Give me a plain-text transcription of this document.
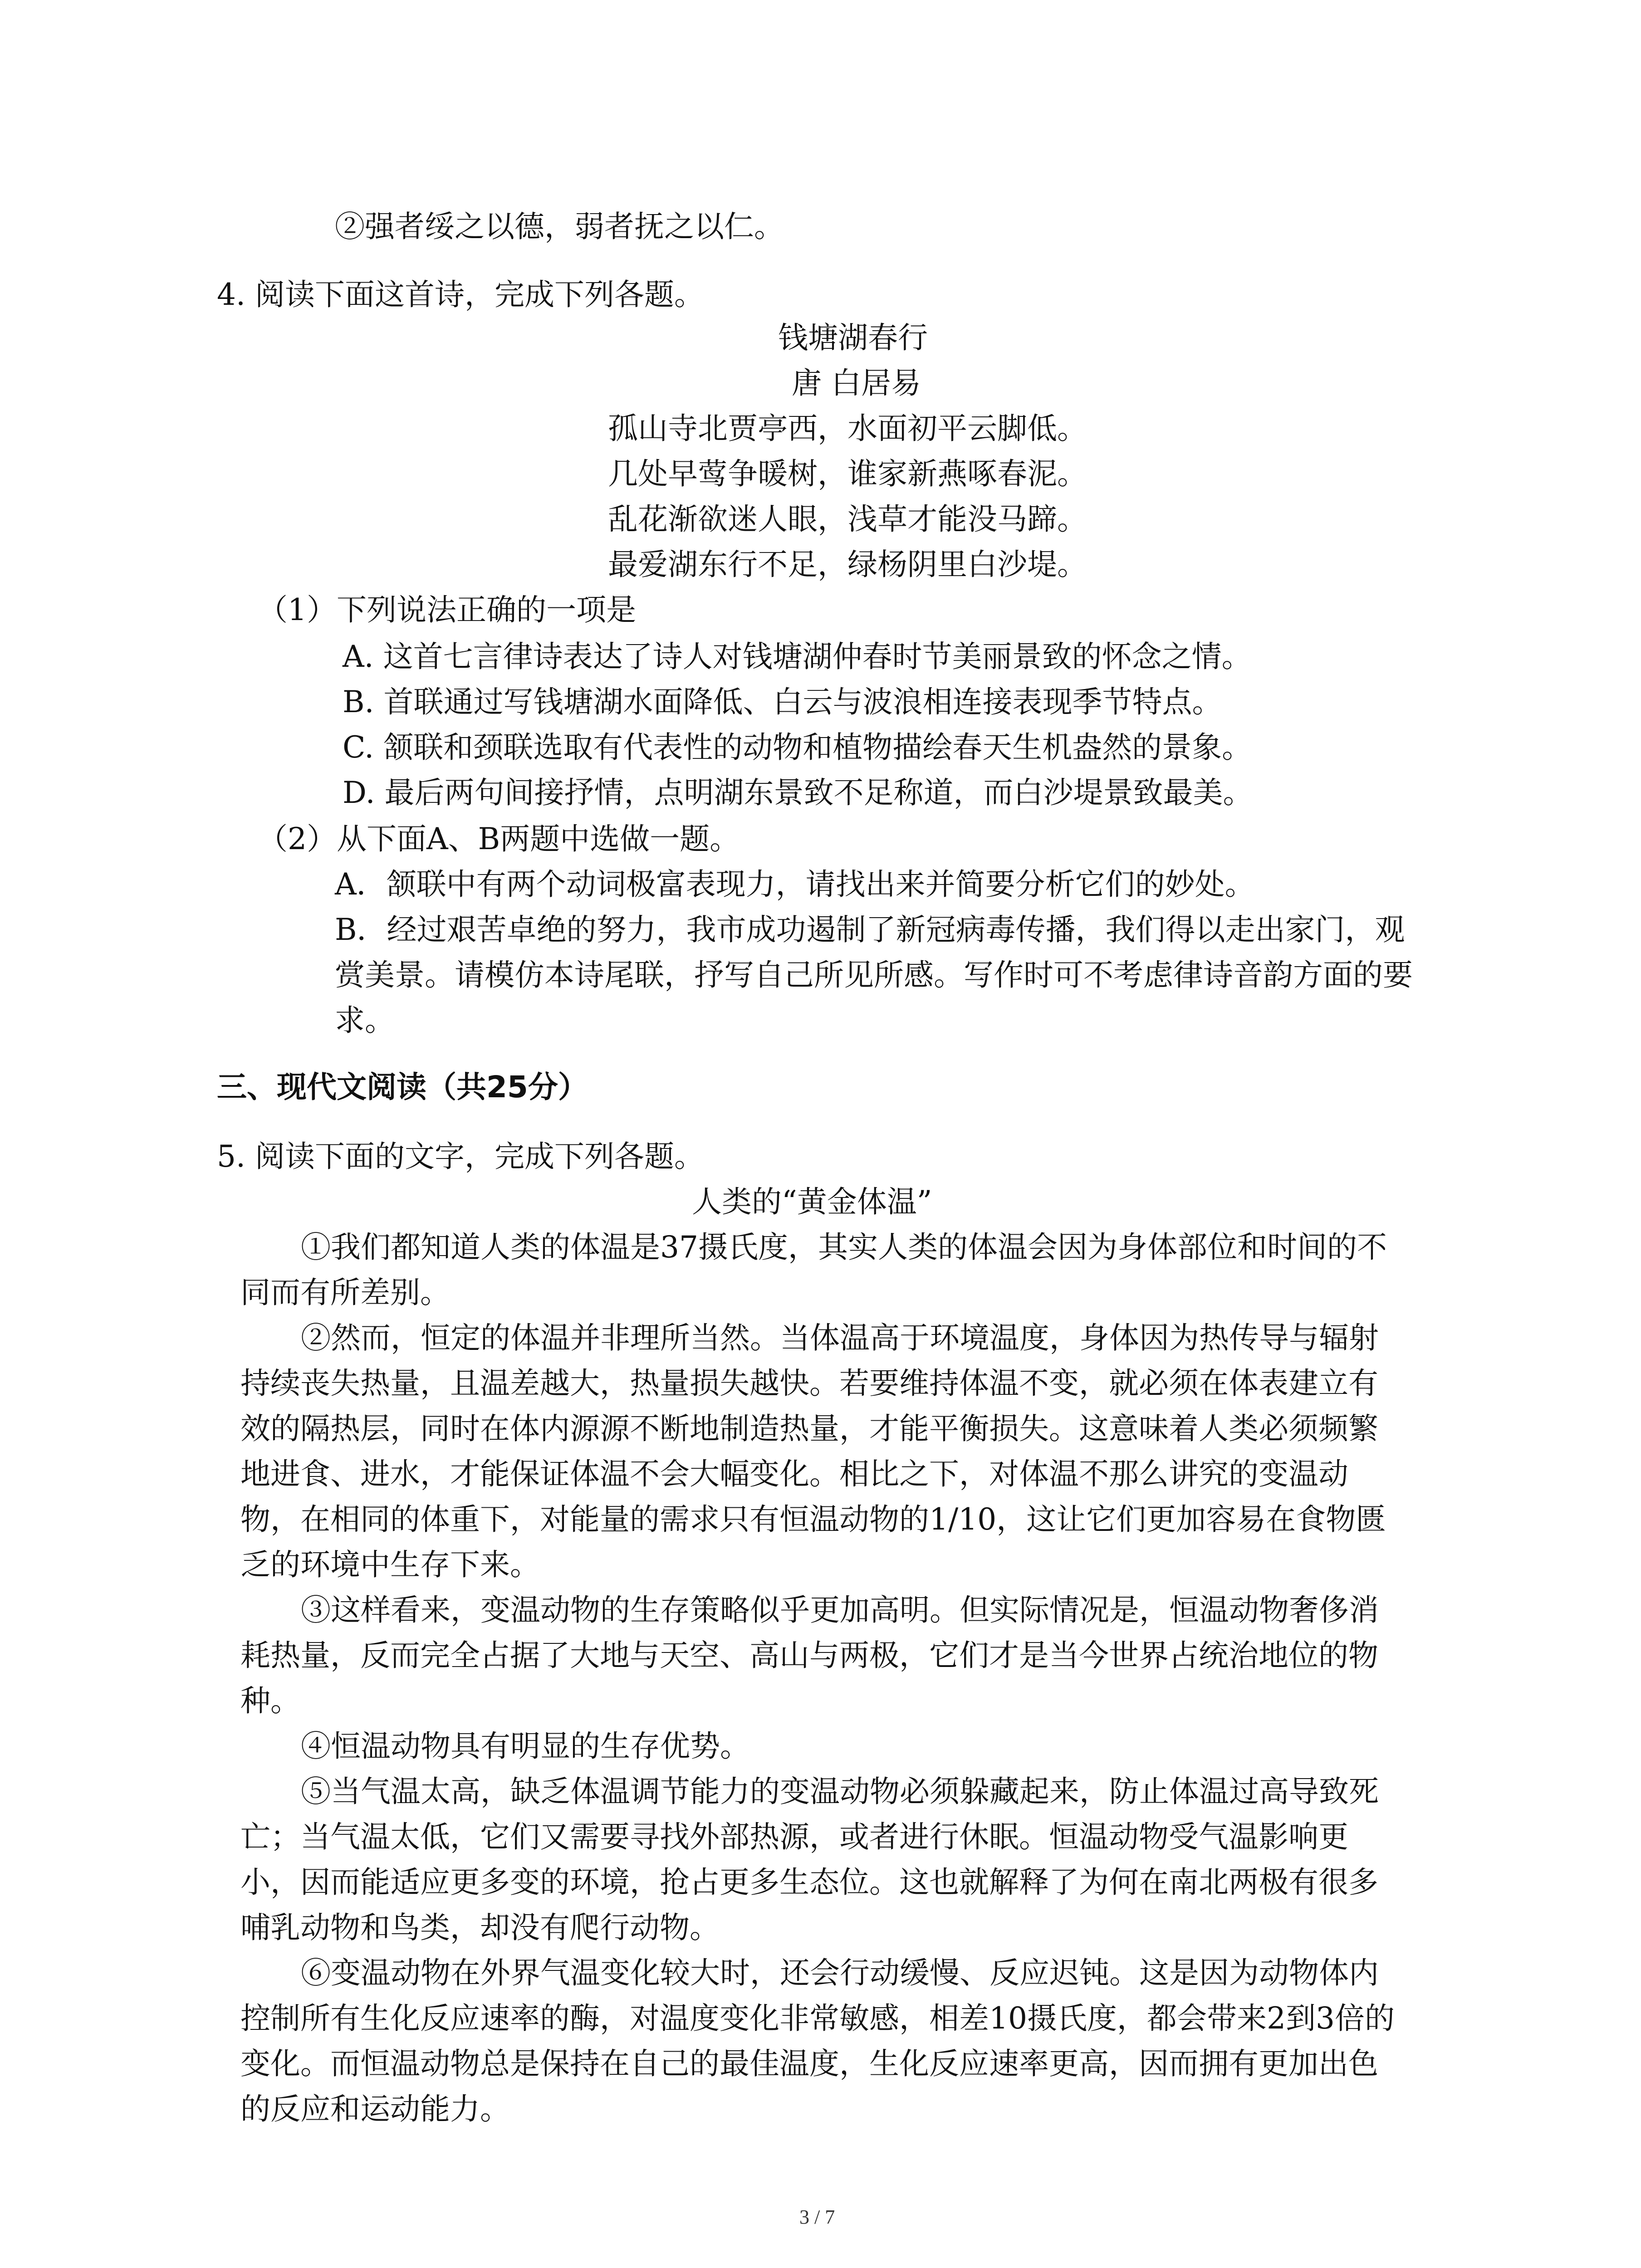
②强者绥之以德，弱者抚之以仁。
4. 阅读下面这首诗，完成下列各题。
钱塘湖春行
唐 白居易
孤山寺北贾亭西，水面初平云脚低。
几处早莺争暖树，谁家新燕啄春泥。
乱花渐欲迷人眼，浅草才能没马蹄。
最爱湖东行不足，绿杨阴里白沙堤。
（1）下列说法正确的一项是
A. 这首七言律诗表达了诗人对钱塘湖仲春时节美丽景致的怀念之情。
B. 首联通过写钱塘湖水面降低、白云与波浪相连接表现季节特点。
C. 颔联和颈联选取有代表性的动物和植物描绘春天生机盎然的景象。
D. 最后两句间接抒情，点明湖东景致不足称道，而白沙堤景致最美。
（2）从下面A、B两题中选做一题。
A．颔联中有两个动词极富表现力，请找出来并简要分析它们的妙处。
B．经过艰苦卓绝的努力，我市成功遏制了新冠病毒传播，我们得以走出家门，观
赏美景。请模仿本诗尾联，抒写自己所见所感。写作时可不考虑律诗音韵方面的要
求。
三、现代文阅读（共25分）
5. 阅读下面的文字，完成下列各题。
人类的“黄金体温”
①我们都知道人类的体温是37摄氏度，其实人类的体温会因为身体部位和时间的不
同而有所差别。
②然而，恒定的体温并非理所当然。当体温高于环境温度，身体因为热传导与辐射
持续丧失热量，且温差越大，热量损失越快。若要维持体温不变，就必须在体表建立有
效的隔热层，同时在体内源源不断地制造热量，才能平衡损失。这意味着人类必须频繁
地进食、进水，才能保证体温不会大幅变化。相比之下，对体温不那么讲究的变温动
物，在相同的体重下，对能量的需求只有恒温动物的1/10，这让它们更加容易在食物匮
乏的环境中生存下来。
③这样看来，变温动物的生存策略似乎更加高明。但实际情况是，恒温动物奢侈消
耗热量，反而完全占据了大地与天空、高山与两极，它们才是当今世界占统治地位的物
种。
④恒温动物具有明显的生存优势。
⑤当气温太高，缺乏体温调节能力的变温动物必须躲藏起来，防止体温过高导致死
亡；当气温太低，它们又需要寻找外部热源，或者进行休眠。恒温动物受气温影响更
小，因而能适应更多变的环境，抢占更多生态位。这也就解释了为何在南北两极有很多
哺乳动物和鸟类，却没有爬行动物。
⑥变温动物在外界气温变化较大时，还会行动缓慢、反应迟钝。这是因为动物体内
控制所有生化反应速率的酶，对温度变化非常敏感，相差10摄氏度，都会带来2到3倍的
变化。而恒温动物总是保持在自己的最佳温度，生化反应速率更高，因而拥有更加出色
的反应和运动能力。
3 / 7
